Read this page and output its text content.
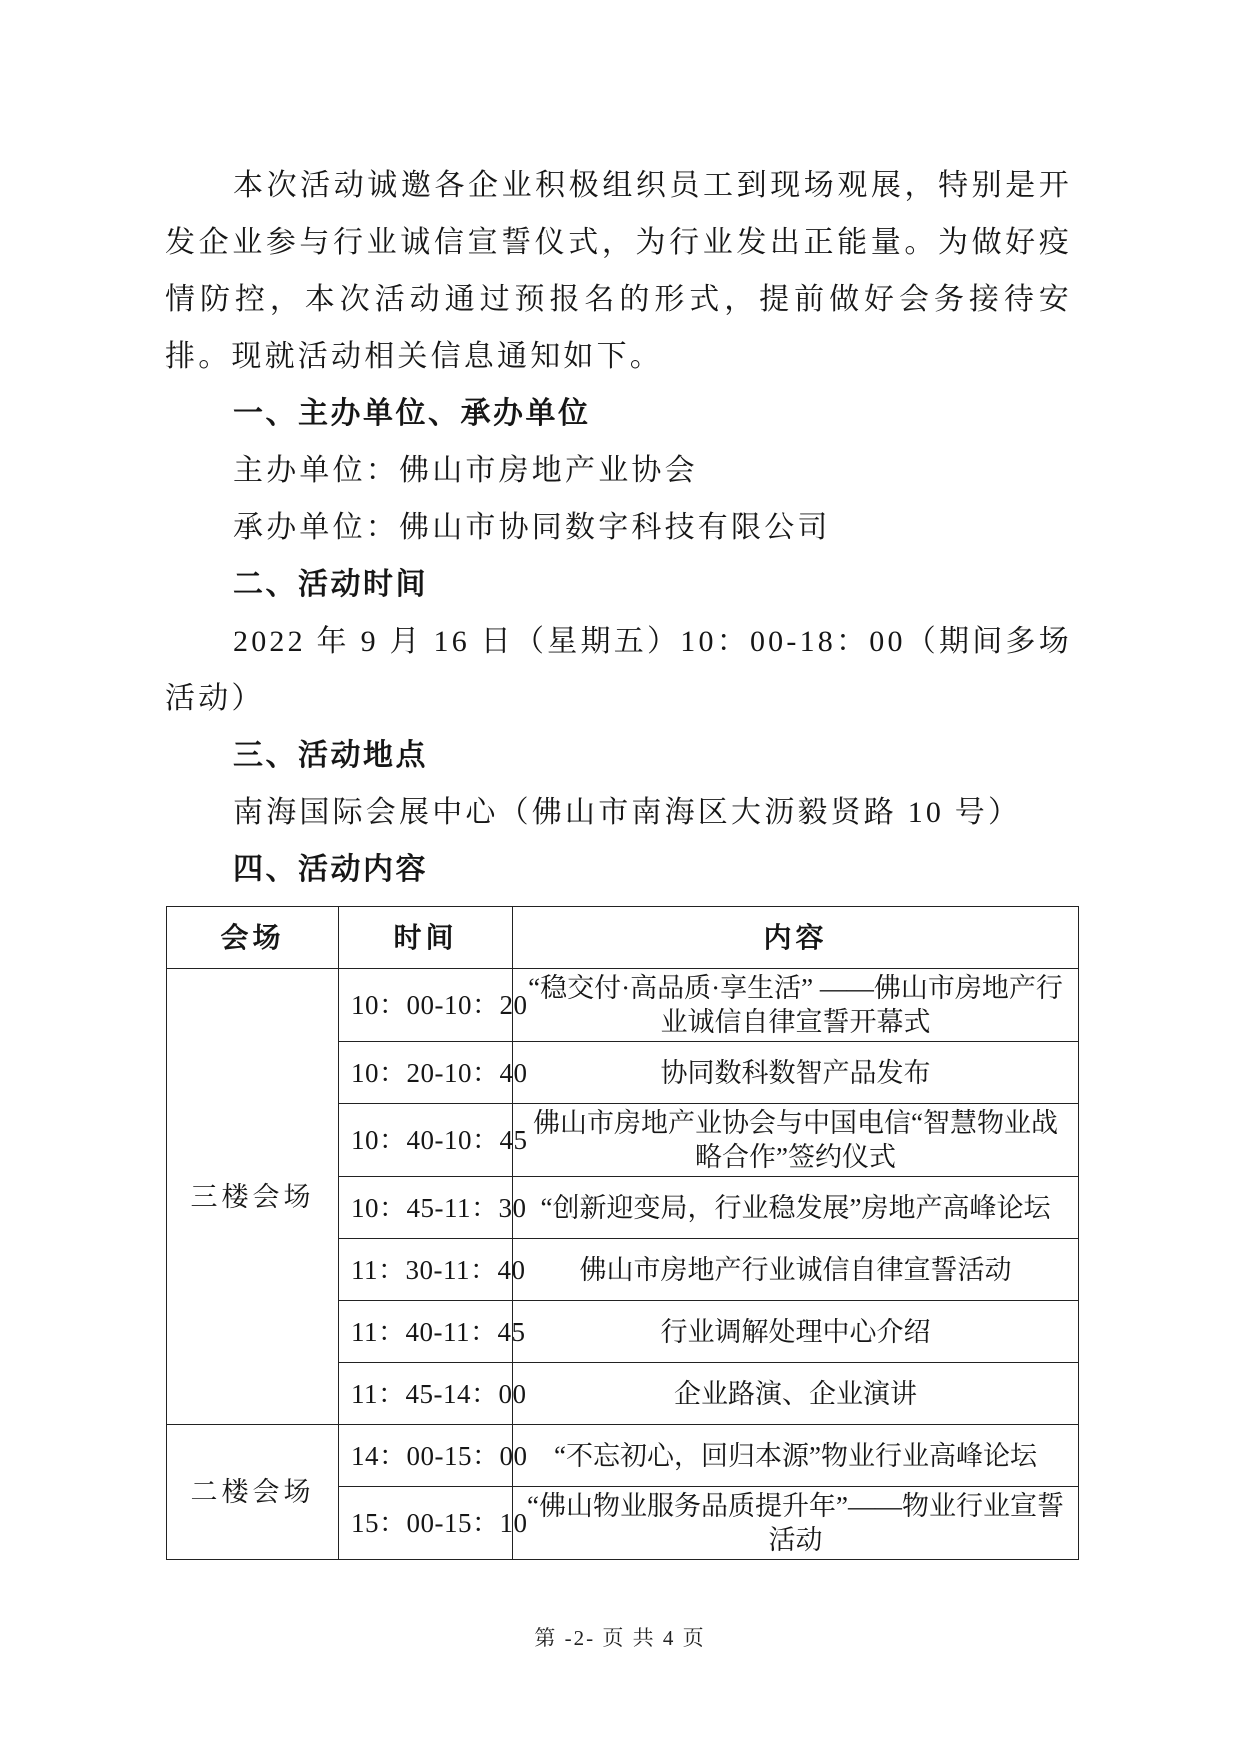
本次活动诚邀各企业积极组织员工到现场观展，特别是开发企业参与行业诚信宣誓仪式，为行业发出正能量。为做好疫情防控，本次活动通过预报名的形式，提前做好会务接待安排。现就活动相关信息通知如下。

一、主办单位、承办单位

主办单位：佛山市房地产业协会

承办单位：佛山市协同数字科技有限公司

二、活动时间

2022 年 9 月 16 日（星期五）10：00-18：00（期间多场活动）

三、活动地点

南海国际会展中心（佛山市南海区大沥毅贤路 10 号）

四、活动内容

会场	时间	内容
三楼会场	10：00-10：20	“稳交付·高品质·享生活” ——佛山市房地产行业诚信自律宣誓开幕式
	10：20-10：40	协同数科数智产品发布
	10：40-10：45	佛山市房地产业协会与中国电信“智慧物业战略合作”签约仪式
	10：45-11：30	“创新迎变局，行业稳发展”房地产高峰论坛
	11：30-11：40	佛山市房地产行业诚信自律宣誓活动
	11：40-11：45	行业调解处理中心介绍
	11：45-14：00	企业路演、企业演讲
二楼会场	14：00-15：00	“不忘初心，回归本源”物业行业高峰论坛
	15：00-15：10	“佛山物业服务品质提升年”——物业行业宣誓活动
第 -2- 页 共 4 页
